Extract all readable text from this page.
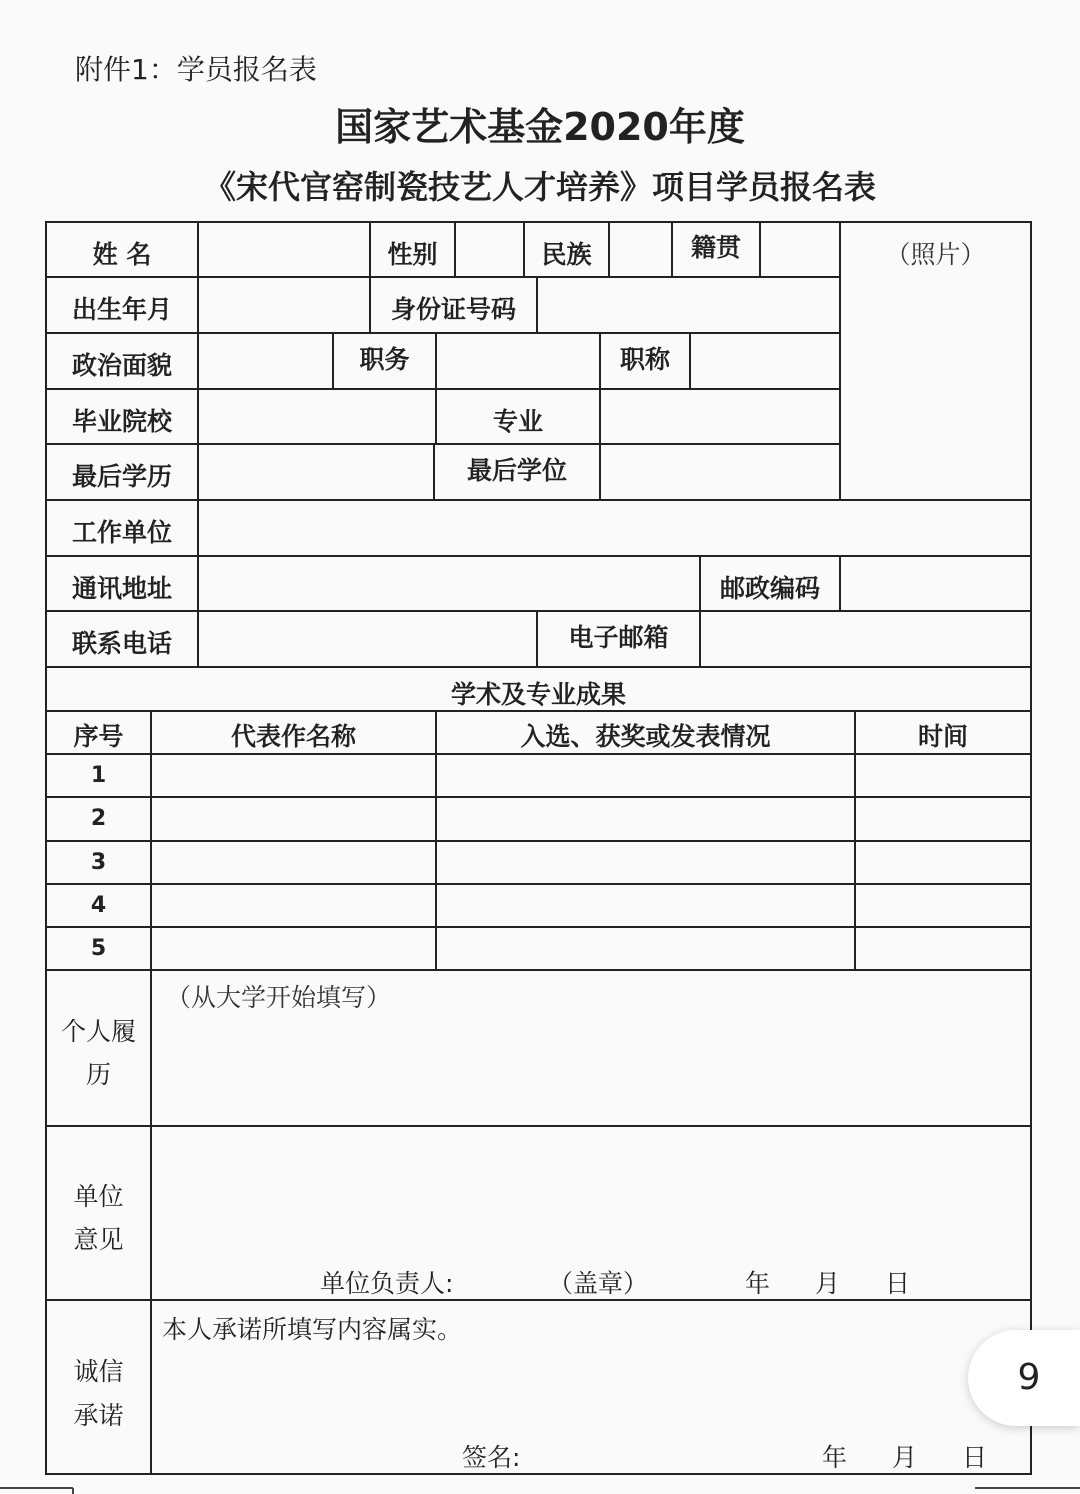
附件1：学员报名表
国家艺术基金2020年度
《宋代官窑制瓷技艺人才培养》项目学员报名表
姓 名	性别	民族	籍贯	（照片）
出生年月	身份证号码
政治面貌	职务	职称
毕业院校	专业
最后学历	最后学位
工作单位
通讯地址	邮政编码
联系电话	电子邮箱
学术及专业成果
序号	代表作名称	入选、获奖或发表情况	时间
1
2
3
4
5
个人履
历
（从大学开始填写）
单位
意见
单位负责人:	（盖章）	年 月 日
诚信
承诺
本人承诺所填写内容属实。
签名:	年 月 日
9
